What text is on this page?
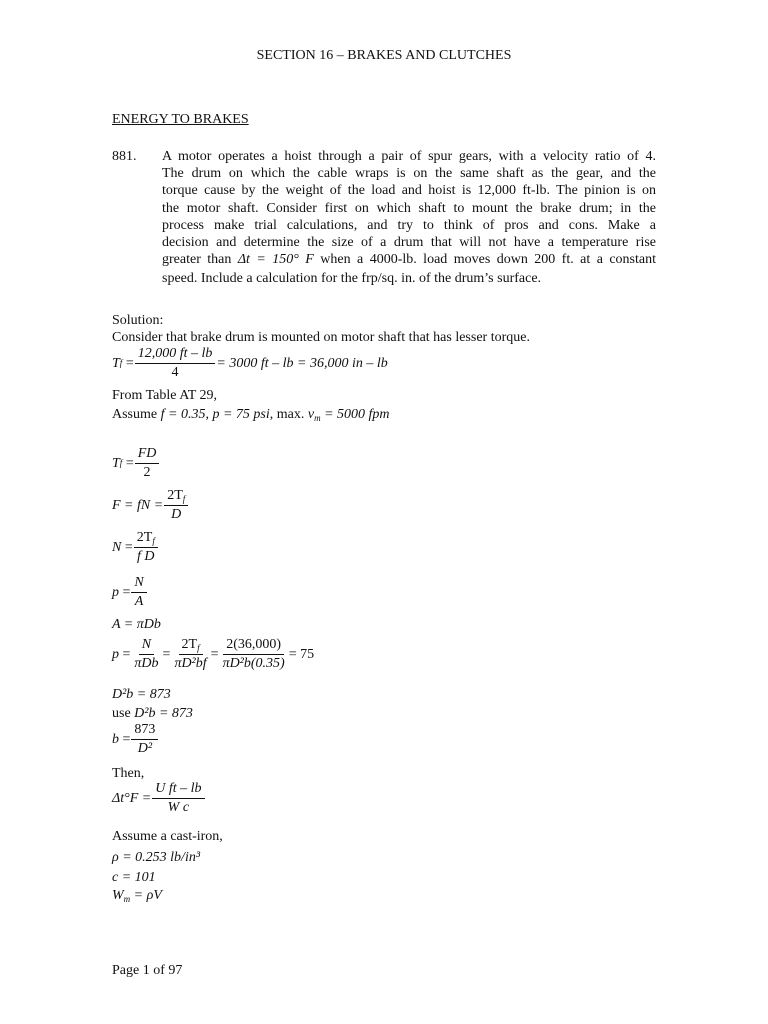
SECTION 16 – BRAKES AND CLUTCHES
ENERGY TO BRAKES
881. A motor operates a hoist through a pair of spur gears, with a velocity ratio of 4.
The drum on which the cable wraps is on the same shaft as the gear, and the
torque cause by the weight of the load and hoist is 12,000 ft-lb. The pinion is on
the motor shaft. Consider first on which shaft to mount the brake drum; in the
process make trial calculations, and try to think of pros and cons. Make a
decision and determine the size of a drum that will not have a temperature rise
greater than Δt = 150° F when a 4000-lb. load moves down 200 ft. at a constant
speed. Include a calculation for the frp/sq. in. of the drum’s surface.
Solution:
Consider that brake drum is mounted on motor shaft that has lesser torque.
T $f = \frac{12,000 ft - lb}{4} = 3000$ ft – lb = 36,000 in – lb
From Table AT 29,
Assume f = 0.35, p = 75 psi, max. $v_m = 5000$ fpm
T $f = \frac{FD}{2}$
F = fN = $\frac{2T_f}{D}$
$N = \frac{2T_f}{\text{f D}}$
$p = \frac{N}{A}$
A = πDb
$p = \frac{N}{\text{πDb}} = \frac{2T_f}{\text{πD²bf}} = \frac{2(36,000)}{\text{πD²b(0.35)}} = 75$
D²b = 873
use D²b = 873
$b = \frac{873}{\text{D²}}$
Then,
$\Delta t^\circ F = \frac{\text{U ft – lb}}{\text{W c}}$
Assume a cast-iron,
ρ = 0.253 lb/in³
c = 101
$W_m = \rho V$
Page 1 of 97
